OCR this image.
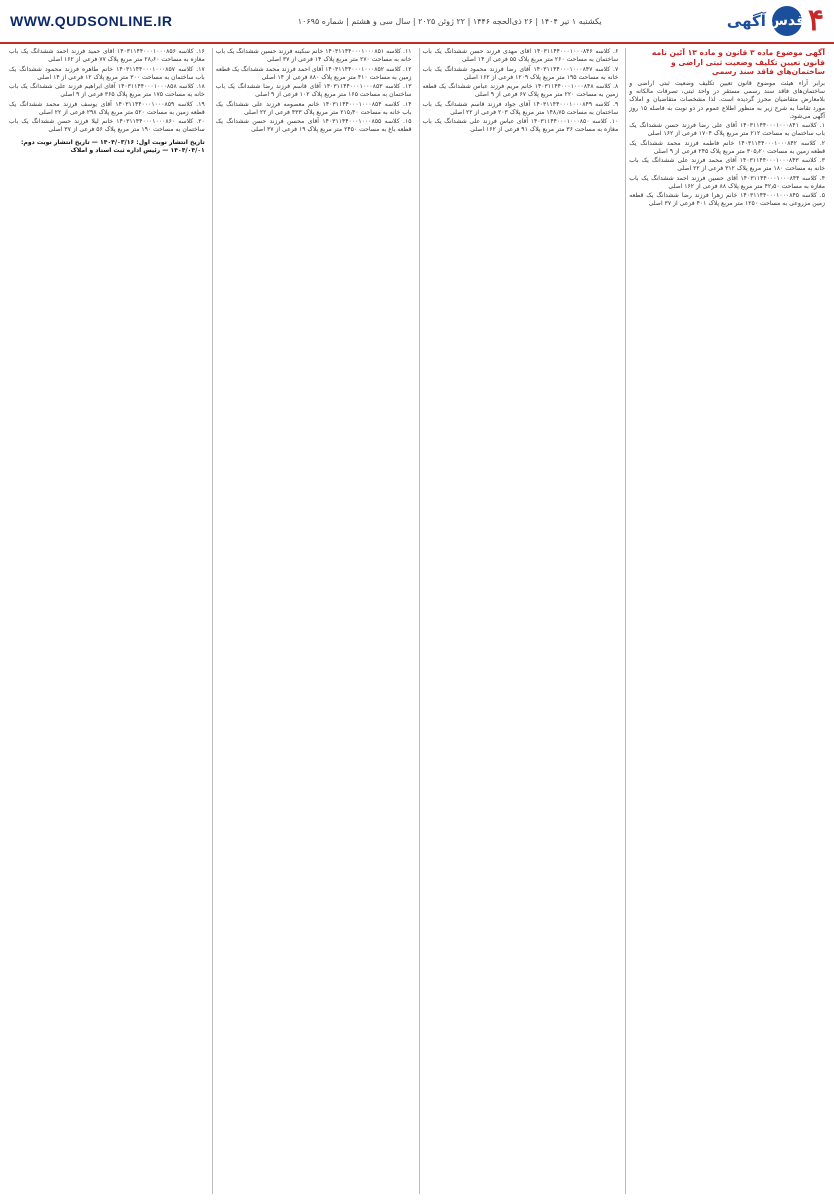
WWW.QUDSONLINE.IR	یکشنبه ۱ تیر ۱۴۰۴ | ۲۶ ذی‌الحجه ۱۴۴۶ | ۲۲ ژوئن ۲۰۲۵ | سال سی و هشتم | شماره ۱۰۶۹۵	۴
قدس
آگهی
آگهی موضوع ماده ۳ قانون و ماده ۱۳ آئین نامه قانون تعیین تکلیف وضعیت ثبتی اراضی و ساختمان‌های فاقد سند رسمی
برابر آراء هیئت موضوع قانون تعیین تکلیف وضعیت ثبتی اراضی و ساختمان‌های فاقد سند رسمی مستقر در واحد ثبتی، تصرفات مالکانه و بلامعارض متقاضیان محرز گردیده است. لذا مشخصات متقاضیان و املاک مورد تقاضا به شرح زیر به منظور اطلاع عموم در دو نوبت به فاصله ۱۵ روز آگهی می‌شود.
۱. کلاسه ۱۴۰۳۱۱۴۴۰۰۰۱۰۰۰۸۴۱ آقای علی رضا فرزند حسن ششدانگ یک باب ساختمان به مساحت ۲۱۲ متر مربع پلاک ۱۷۰۴ فرعی از ۱۶۲ اصلی
۲. کلاسه ۱۴۰۳۱۱۴۴۰۰۰۱۰۰۰۸۴۲ خانم فاطمه فرزند محمد ششدانگ یک قطعه زمین به مساحت ۳۰۵٫۲۰ متر مربع پلاک ۲۴۵ فرعی از ۹ اصلی
۳. کلاسه ۱۴۰۳۱۱۴۴۰۰۰۱۰۰۰۸۴۳ آقای محمد فرزند علی ششدانگ یک باب خانه به مساحت ۱۸۰ متر مربع پلاک ۳۱۲ فرعی از ۲۲ اصلی
۴. کلاسه ۱۴۰۳۱۱۴۴۰۰۰۱۰۰۰۸۴۴ آقای حسین فرزند احمد ششدانگ یک باب مغازه به مساحت ۴۲٫۵۰ متر مربع پلاک ۸۸ فرعی از ۱۶۲ اصلی
۵. کلاسه ۱۴۰۳۱۱۴۴۰۰۰۱۰۰۰۸۴۵ خانم زهرا فرزند رضا ششدانگ یک قطعه زمین مزروعی به مساحت ۱۲۵۰ متر مربع پلاک ۴۰۱ فرعی از ۳۷ اصلی
۶. کلاسه ۱۴۰۳۱۱۴۴۰۰۰۱۰۰۰۸۴۶ آقای مهدی فرزند حسن ششدانگ یک باب ساختمان به مساحت ۲۶۰ متر مربع پلاک ۵۵ فرعی از ۱۴ اصلی
۷. کلاسه ۱۴۰۳۱۱۴۴۰۰۰۱۰۰۰۸۴۷ آقای رضا فرزند محمود ششدانگ یک باب خانه به مساحت ۱۹۵ متر مربع پلاک ۱۲۰۹ فرعی از ۱۶۲ اصلی
۸. کلاسه ۱۴۰۳۱۱۴۴۰۰۰۱۰۰۰۸۴۸ خانم مریم فرزند عباس ششدانگ یک قطعه زمین به مساحت ۲۲۰ متر مربع پلاک ۶۷ فرعی از ۹ اصلی
۹. کلاسه ۱۴۰۳۱۱۴۴۰۰۰۱۰۰۰۸۴۹ آقای جواد فرزند قاسم ششدانگ یک باب ساختمان به مساحت ۱۴۸٫۷۵ متر مربع پلاک ۲۰۳ فرعی از ۲۲ اصلی
۱۰. کلاسه ۱۴۰۳۱۱۴۴۰۰۰۱۰۰۰۸۵۰ آقای عباس فرزند علی ششدانگ یک باب مغازه به مساحت ۳۶ متر مربع پلاک ۹۱ فرعی از ۱۶۲ اصلی
۱۱. کلاسه ۱۴۰۳۱۱۴۴۰۰۰۱۰۰۰۸۵۱ خانم سکینه فرزند حسین ششدانگ یک باب خانه به مساحت ۲۷۰ متر مربع پلاک ۱۴ فرعی از ۳۷ اصلی
۱۲. کلاسه ۱۴۰۳۱۱۴۴۰۰۰۱۰۰۰۸۵۲ آقای احمد فرزند محمد ششدانگ یک قطعه زمین به مساحت ۴۱۰ متر مربع پلاک ۸۸۰ فرعی از ۱۴ اصلی
۱۳. کلاسه ۱۴۰۳۱۱۴۴۰۰۰۱۰۰۰۸۵۳ آقای قاسم فرزند رضا ششدانگ یک باب ساختمان به مساحت ۱۶۵ متر مربع پلاک ۱۰۲ فرعی از ۹ اصلی
۱۴. کلاسه ۱۴۰۳۱۱۴۴۰۰۰۱۰۰۰۸۵۴ خانم معصومه فرزند علی ششدانگ یک باب خانه به مساحت ۲۱۵٫۴۰ متر مربع پلاک ۴۳۳ فرعی از ۲۲ اصلی
۱۵. کلاسه ۱۴۰۳۱۱۴۴۰۰۰۱۰۰۰۸۵۵ آقای محسن فرزند حسن ششدانگ یک قطعه باغ به مساحت ۲۴۵۰ متر مربع پلاک ۱۹ فرعی از ۳۷ اصلی
۱۶. کلاسه ۱۴۰۳۱۱۴۴۰۰۰۱۰۰۰۸۵۶ آقای حمید فرزند احمد ششدانگ یک باب مغازه به مساحت ۲۸٫۶۰ متر مربع پلاک ۷۷ فرعی از ۱۶۲ اصلی
۱۷. کلاسه ۱۴۰۳۱۱۴۴۰۰۰۱۰۰۰۸۵۷ خانم طاهره فرزند محمود ششدانگ یک باب ساختمان به مساحت ۳۰۰ متر مربع پلاک ۱۲ فرعی از ۱۴ اصلی
۱۸. کلاسه ۱۴۰۳۱۱۴۴۰۰۰۱۰۰۰۸۵۸ آقای ابراهیم فرزند علی ششدانگ یک باب خانه به مساحت ۱۷۵ متر مربع پلاک ۳۶۵ فرعی از ۹ اصلی
۱۹. کلاسه ۱۴۰۳۱۱۴۴۰۰۰۱۰۰۰۸۵۹ آقای یوسف فرزند محمد ششدانگ یک قطعه زمین به مساحت ۵۲۰ متر مربع پلاک ۲۹۸ فرعی از ۲۲ اصلی
۲۰. کلاسه ۱۴۰۳۱۱۴۴۰۰۰۱۰۰۰۸۶۰ خانم لیلا فرزند حسن ششدانگ یک باب ساختمان به مساحت ۱۹۰ متر مربع پلاک ۵۶ فرعی از ۳۷ اصلی
تاریخ انتشار نوبت اول: ۱۴۰۴/۰۳/۱۶ — تاریخ انتشار نوبت دوم: ۱۴۰۴/۰۴/۰۱ — رئیس اداره ثبت اسناد و املاک
